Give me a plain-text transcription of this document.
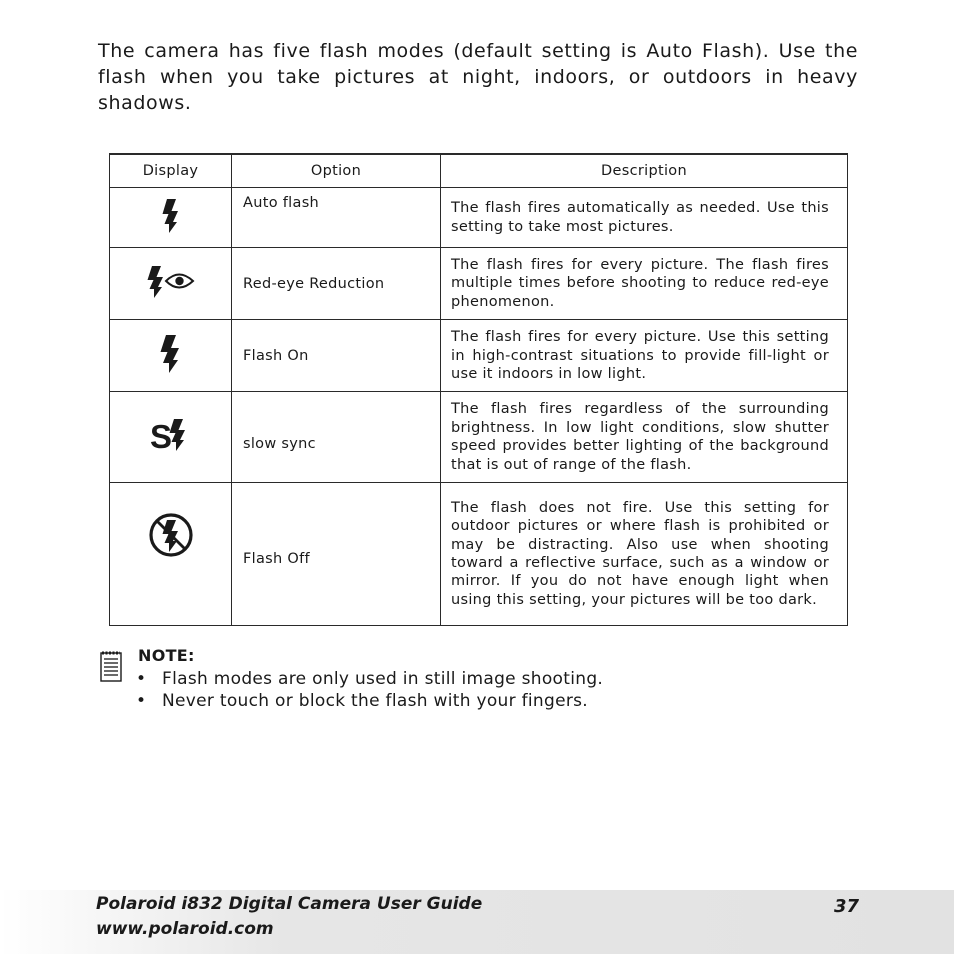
The camera has five flash modes (default setting is Auto Flash). Use the flash when you take pictures at night, indoors, or outdoors in heavy shadows.

Display	Option	Description
	Auto flash	The flash fires automatically as needed. Use this setting to take most pictures.
	Red-eye Reduction	The flash fires for every picture. The flash fires multiple times before shooting to reduce red-eye phenomenon.
	Flash On	The flash fires for every picture. Use this setting in high-contrast situations to provide fill-light or use it indoors in low light.

S	slow sync	The flash fires regardless of the surrounding brightness. In low light conditions, slow shutter speed provides better lighting of the background that is out of range of the flash.
	Flash Off	The flash does not fire. Use this setting for outdoor pictures or where flash is prohibited or may be distracting. Also use when shooting toward a reflective surface, such as a window or mirror. If you do not have enough light when using this setting, your pictures will be too dark.
NOTE:
• Flash modes are only used in still image shooting.
• Never touch or block the flash with your fingers.
Polaroid i832 Digital Camera User Guide
www.polaroid.com
37
